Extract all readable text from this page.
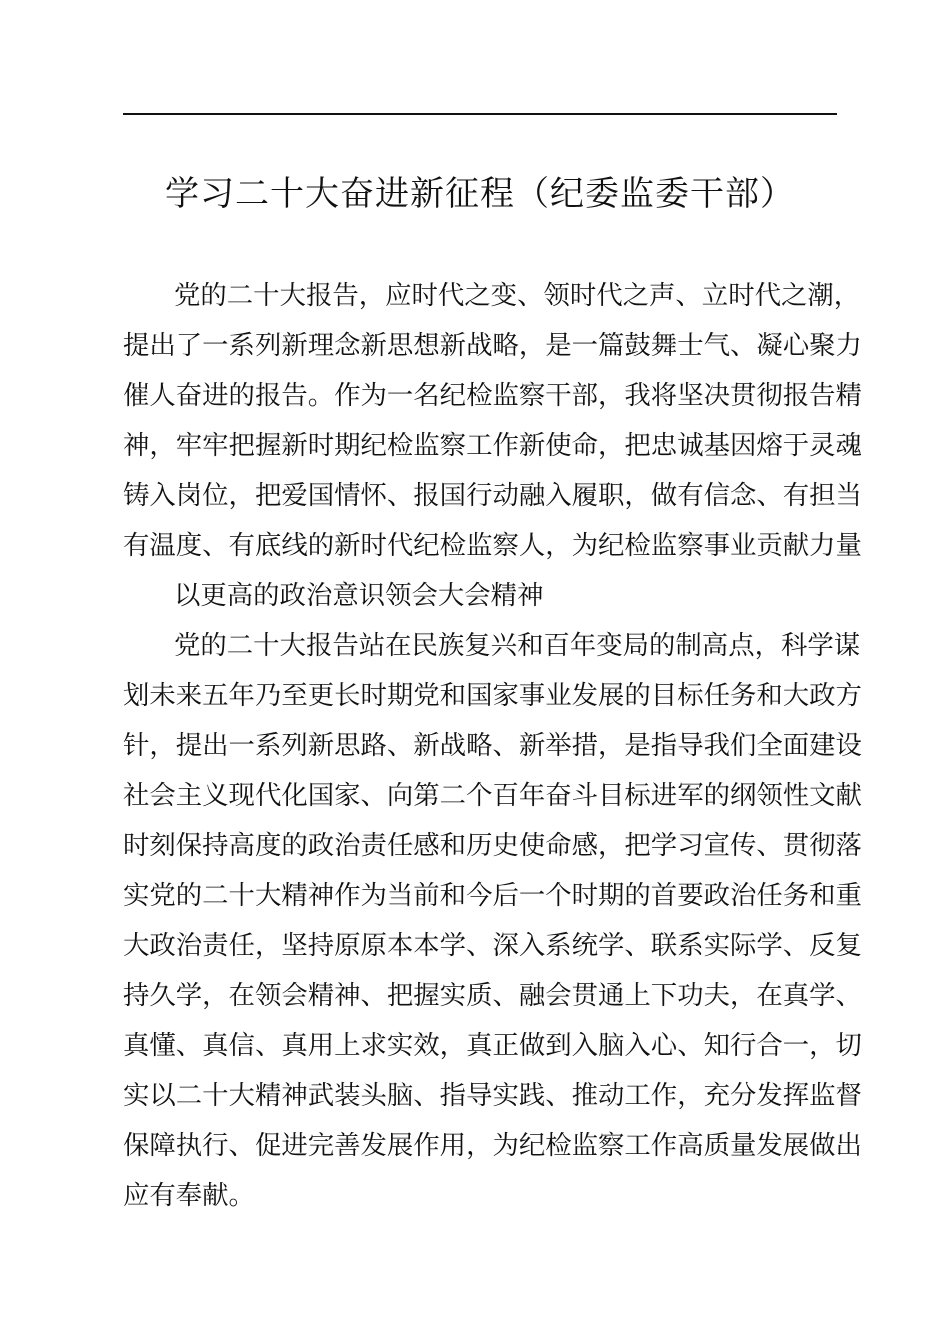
学习二十大奋进新征程（纪委监委干部）
党的二十大报告，应时代之变、领时代之声、立时代之潮，
提出了一系列新理念新思想新战略，是一篇鼓舞士气、凝心聚力
催人奋进的报告。作为一名纪检监察干部，我将坚决贯彻报告精
神，牢牢把握新时期纪检监察工作新使命，把忠诚基因熔于灵魂
铸入岗位，把爱国情怀、报国行动融入履职，做有信念、有担当
有温度、有底线的新时代纪检监察人，为纪检监察事业贡献力量
以更高的政治意识领会大会精神
党的二十大报告站在民族复兴和百年变局的制高点，科学谋
划未来五年乃至更长时期党和国家事业发展的目标任务和大政方
针，提出一系列新思路、新战略、新举措，是指导我们全面建设
社会主义现代化国家、向第二个百年奋斗目标进军的纲领性文献
时刻保持高度的政治责任感和历史使命感，把学习宣传、贯彻落
实党的二十大精神作为当前和今后一个时期的首要政治任务和重
大政治责任，坚持原原本本学、深入系统学、联系实际学、反复
持久学，在领会精神、把握实质、融会贯通上下功夫，在真学、
真懂、真信、真用上求实效，真正做到入脑入心、知行合一，切
实以二十大精神武装头脑、指导实践、推动工作，充分发挥监督
保障执行、促进完善发展作用，为纪检监察工作高质量发展做出
应有奉献。
